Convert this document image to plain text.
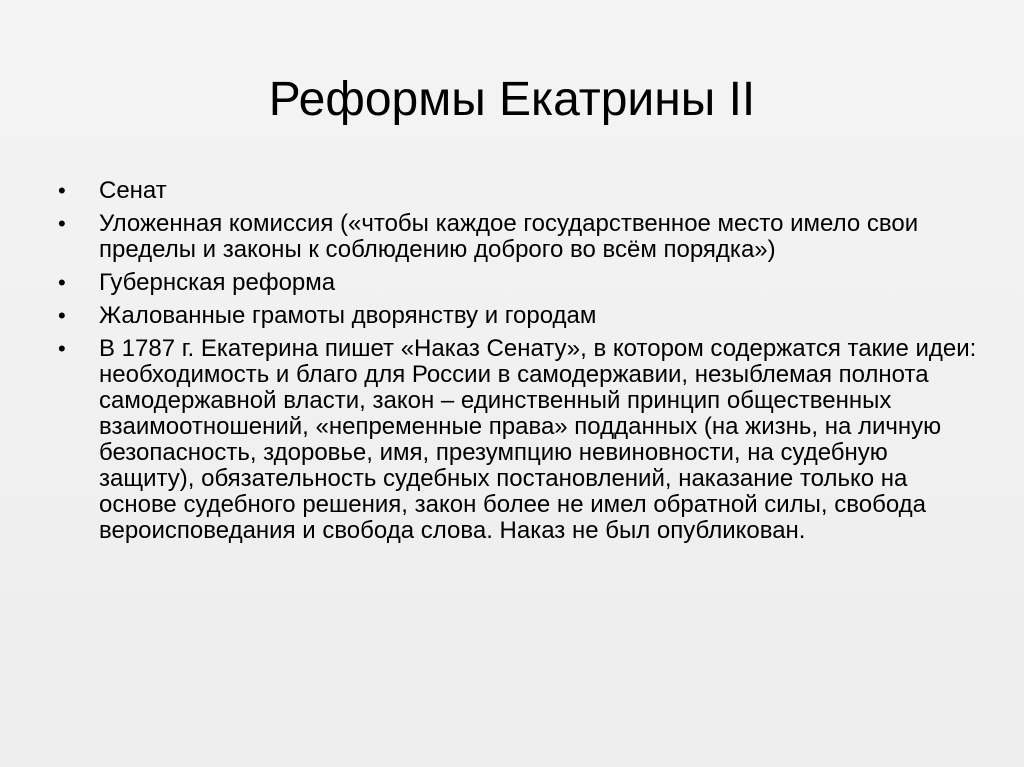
Реформы Екатрины II
•	Сенат
•	Уложенная комиссия («чтобы каждое государственное место имело свои пределы и законы к соблюдению доброго во всём порядка»)
•	Губернская реформа
•	Жалованные грамоты дворянству и городам
•	В 1787 г. Екатерина пишет «Наказ Сенату», в котором содержатся такие идеи: необходимость и благо для России в самодержавии, незыблемая полнота самодержавной власти, закон – единственный принцип общественных взаимоотношений, «непременные права» подданных (на жизнь, на личную безопасность, здоровье, имя, презумпцию невиновности, на судебную защиту), обязательность судебных постановлений, наказание только на основе судебного решения, закон более не имел обратной силы, свобода вероисповедания и свобода слова. Наказ не был опубликован.
